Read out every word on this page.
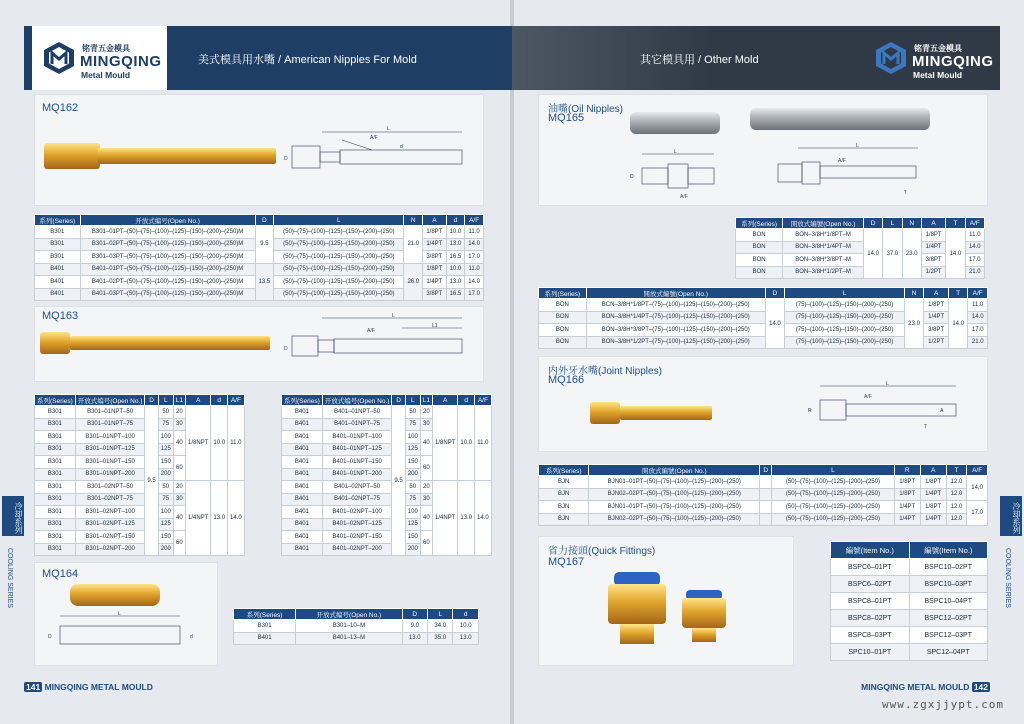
铭青五金模具
MINGQING
Metal Mould
美式模具用水嘴 / American Nipples For Mold	其它模具用 / Other Mold
铭青五金模具
MINGQING
Metal Mould
MQ162
L
A/F
D
d
系列(Series)	开放式编号(Open No.)	D	L	N	A	d	A/F
B301	B301–01PT–(50)–(75)–(100)–(125)–(150)–(200)–(250)M	9.5	(50)–(75)–(100)–(125)–(150)–(200)–(250)	21.0	1/8PT	10.0	11.0
B301	B301–02PT–(50)–(75)–(100)–(125)–(150)–(200)–(250)M		(50)–(75)–(100)–(125)–(150)–(200)–(250)		1/4PT	13.0	14.0
B301	B301–03PT–(50)–(75)–(100)–(125)–(150)–(200)–(250)M		(50)–(75)–(100)–(125)–(150)–(200)–(250)		3/8PT	16.5	17.0
B401	B401–01PT–(50)–(75)–(100)–(125)–(150)–(200)–(250)M	13.5	(50)–(75)–(100)–(125)–(150)–(200)–(250)	26.0	1/8PT	10.0	11.0
B401	B401–02PT–(50)–(75)–(100)–(125)–(150)–(200)–(250)M		(50)–(75)–(100)–(125)–(150)–(200)–(250)		1/4PT	13.0	14.0
B401	B401–03PT–(50)–(75)–(100)–(125)–(150)–(200)–(250)M		(50)–(75)–(100)–(125)–(150)–(200)–(250)		3/8PT	16.5	17.0
MQ163	L
L1
A/F
D
系列(Series)	开放式编号(Open No.)	D	L	L1	A	d	A/F
B301	B301–01NPT–50	9.5	50	20	1/8NPT	10.0	11.0
B301	B301–01NPT–75		75	30			
B301	B301–01NPT–100		100	40			
B301	B301–01NPT–125		125				
B301	B301–01NPT–150		150	60			
B301	B301–01NPT–200		200				
B301	B301–02NPT–50		50	20	1/4NPT	13.0	14.0
B301	B301–02NPT–75		75	30			
B301	B301–02NPT–100		100	40			
B301	B301–02NPT–125		125				
B301	B301–02NPT–150		150	60			
B301	B301–02NPT–200		200				
系列(Series)	开放式编号(Open No.)	D	L	L1	A	d	A/F
B401	B401–01NPT–50	9.5	50	20	1/8NPT	10.0	11.0
B401	B401–01NPT–75		75	30			
B401	B401–01NPT–100		100	40			
B401	B401–01NPT–125		125				
B401	B401–01NPT–150		150	60			
B401	B401–01NPT–200		200				
B401	B401–02NPT–50		50	20	1/4NPT	13.0	14.0
B401	B401–02NPT–75		75	30			
B401	B401–02NPT–100		100	40			
B401	B401–02NPT–125		125				
B401	B401–02NPT–150		150	60			
B401	B401–02NPT–200		200				
MQ164
L
D	d
系列(Series)	开放式编号(Open No.)	D	L	d
B301	B301–10–M	9.0	34.0	10.0
B401	B401–13–M	13.0	35.0	13.0
油嘴(Oil Nipples)
MQ165
L
D
A/F
L
A/F
T
系列(Series)	開放式編號(Open No.)	D	L	N	A	T	A/F
BON	BON–3/8H*1/8PT–M	14.0	37.0	23.0	1/8PT	14.0	11.0
BON	BON–3/8H*1/4PT–M				1/4PT		14.0
BON	BON–3/8H*3/8PT–M				3/8PT		17.0
BON	BON–3/8H*1/2PT–M				1/2PT		21.0
系列(Series)	開放式編號(Open No.)	D	L	N	A	T	A/F
BON	BCN–3/8H*1/8PT–(75)–(100)–(125)–(150)–(200)–(250)	14.0	(75)–(100)–(125)–(150)–(200)–(250)	23.0	1/8PT	14.0	11.0
BON	BON–3/8H*1/4PT–(75)–(100)–(125)–(150)–(200)–(250)		(75)–(100)–(125)–(150)–(200)–(250)		1/4PT		14.0
BON	BON–3/8H*3/8PT–(75)–(100)–(125)–(150)–(200)–(250)		(75)–(100)–(125)–(150)–(200)–(250)		3/8PT		17.0
BON	BON–3/8H*1/2PT–(75)–(100)–(125)–(150)–(200)–(250)		(75)–(100)–(125)–(150)–(200)–(250)		1/2PT		21.0
内外牙水嘴(Joint Nipples)
MQ166	L
R
A/F
T
A
系列(Series)	開放式編號(Open No.)	D	L	R	A	T	A/F
BJN	BJN01–01PT–(50)–(75)–(100)–(125)–(200)–(250)		(50)–(75)–(100)–(125)–(200)–(250)	1/8PT	1/8PT	12.0	14.0
BJN	BJN02–02PT–(50)–(75)–(100)–(125)–(200)–(250)		(50)–(75)–(100)–(125)–(200)–(250)	1/8PT	1/4PT	12.0	
BJN	BJN01–01PT–(50)–(75)–(100)–(125)–(200)–(250)		(50)–(75)–(100)–(125)–(200)–(250)	1/4PT	1/8PT	12.0	17.0
BJN	BJN02–02PT–(50)–(75)–(100)–(125)–(200)–(250)		(50)–(75)–(100)–(125)–(200)–(250)	1/4PT	1/4PT	12.0	
省力接頭(Quick Fittings)
MQ167
編號(Item No.)	編號(Item No.)
BSPC6–01PT	BSPC10–02PT
BSPC6–02PT	BSPC10–03PT
BSPC8–01PT	BSPC10–04PT
BSPC8–02PT	BSPC12–02PT
BSPC8–03PT	BSPC12–03PT
SPC10–01PT	SPC12–04PT
冷却系列
COOLING SERIES
冷却系列
COOLING SERIES
141 MINGQING METAL MOULD	MINGQING METAL MOULD 142
www.zgxjjypt.com
